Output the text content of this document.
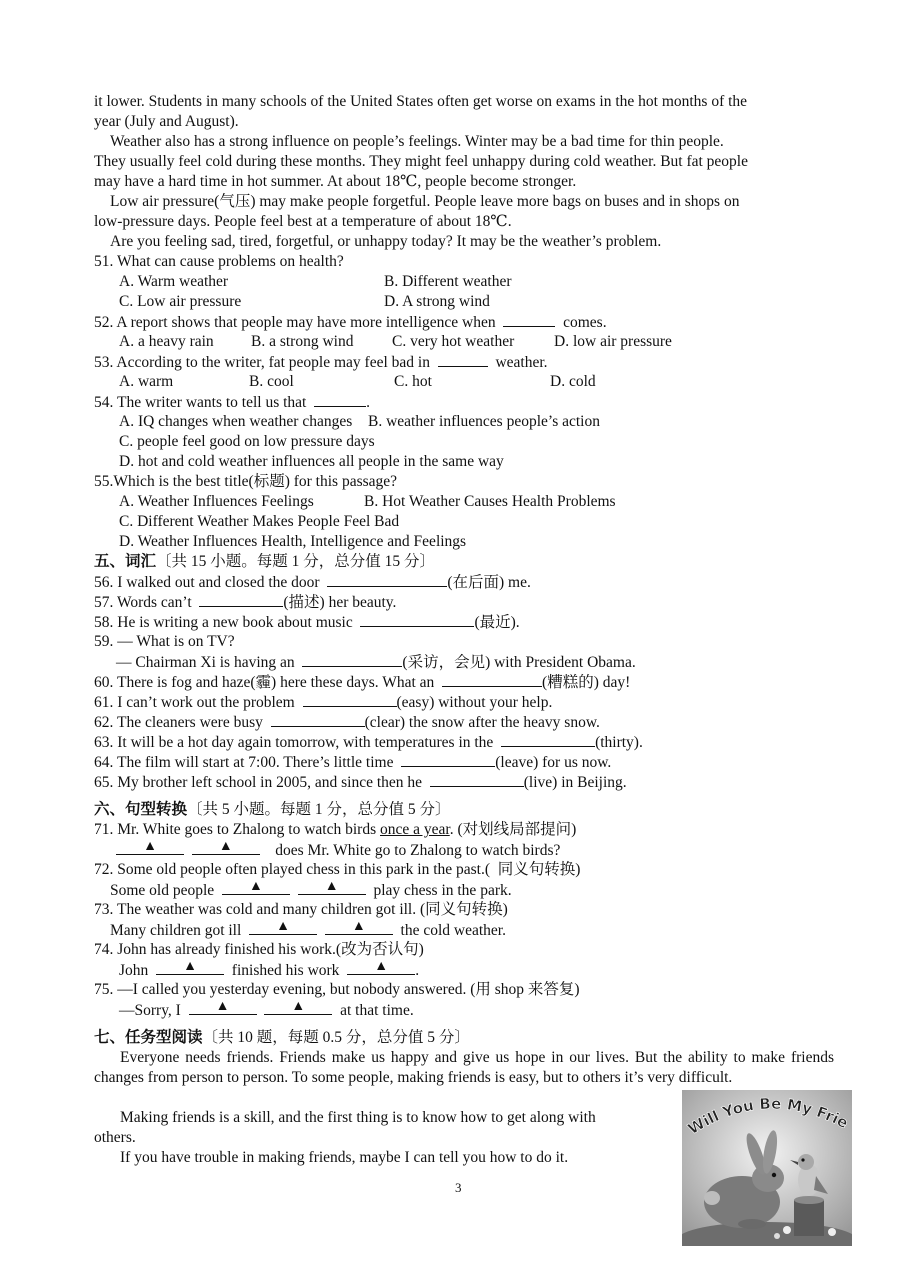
it lower. Students in many schools of the United States often get worse on exams in the hot months of the
year (July and August).
Weather also has a strong influence on people’s feelings. Winter may be a bad time for thin people.
They usually feel cold during these months. They might feel unhappy during cold weather. But fat people
may have a hard time in hot summer. At about 18℃, people become stronger.
Low air pressure(气压) may make people forgetful. People leave more bags on buses and in shops on
low-pressure days. People feel best at a temperature of about 18℃.
Are you feeling sad, tired, forgetful, or unhappy today? It may be the weather’s problem.
51. What can cause problems on health?
A. Warm weather	B. Different weather
C. Low air pressure	D. A strong wind
52. A report shows that people may have more intelligence when	comes.
A. a heavy rain B. a strong wind C. very hot weather	D. low air pressure
53. According to the writer, fat people may feel bad in	weather.
A. warm	B. cool	C. hot	D. cold
54. The writer wants to tell us that	.
A. IQ changes when weather changes B. weather influences people’s action
C. people feel good on low pressure days
D. hot and cold weather influences all people in the same way
55.Which is the best title(标题) for this passage?
A. Weather Influences Feelings	B. Hot Weather Causes Health Problems
C. Different Weather Makes People Feel Bad
D. Weather Influences Health, Intelligence and Feelings
五、词汇〔共 15 小题。每题 1 分，总分值 15 分〕
56. I walked out and closed the door	(在后面) me.
57. Words can’t	(描述) her beauty.
58. He is writing a new book about music	(最近).
59. — What is on TV?
— Chairman Xi is having an	(采访，会见) with President Obama.
60. There is fog and haze(霾) here these days. What an	(糟糕的) day!
61. I can’t work out the problem	(easy) without your help.
62. The cleaners were busy	(clear) the snow after the heavy snow.
63. It will be a hot day again tomorrow, with temperatures in the	(thirty).
64. The film will start at 7:00. There’s little time	(leave) for us now.
65. My brother left school in 2005, and since then he	(live) in Beijing.
六、句型转换〔共 5 小题。每题 1 分，总分值 5 分〕
71. Mr. White goes to Zhalong to watch birds once a year. (对划线局部提问)
▲
	▲	does Mr. White go to Zhalong to watch birds?
72. Some old people often played chess in this park in the past.(  同义句转换)
Some old people ▲
	▲ play chess in the park.
73. The weather was cold and many children got ill. (同义句转换)
Many children got ill ▲
	▲ the cold weather.
74. John has already finished his work.(改为否认句)
John ▲ finished his work ▲ .
75. —I called you yesterday evening, but nobody answered. (用 shop 来答复)
—Sorry, I ▲
	▲ at that time.
七、任务型阅读〔共 10 题，每题 0.5 分，总分值 5 分〕
Everyone needs friends. Friends make us happy and give us hope in our lives. But the ability to make friends changes from person to person. To some people, making friends is easy, but to others it’s very difficult.
Making friends is a skill, and the first thing is to know how to get along with
others.
If you have trouble in making friends, maybe I can tell you how to do it.
3
Will You Be My Frie
